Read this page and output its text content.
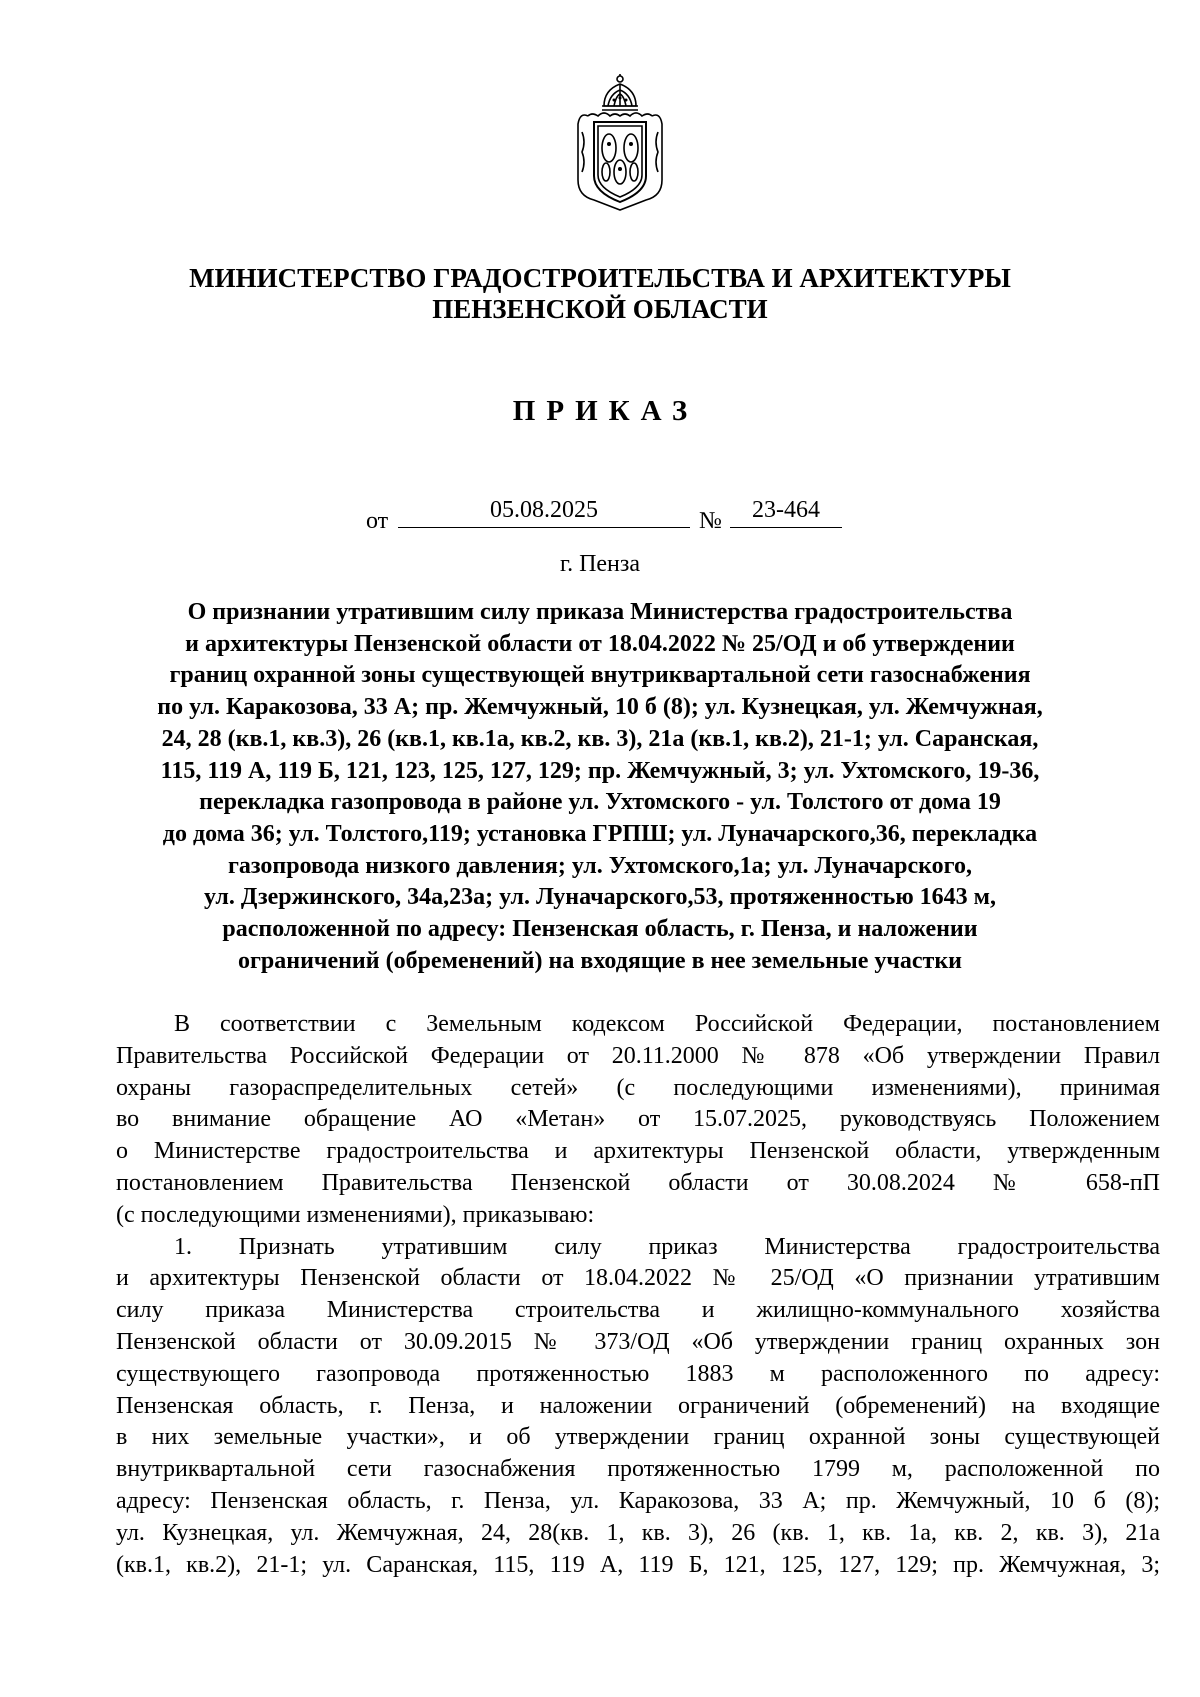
МИНИСТЕРСТВО ГРАДОСТРОИТЕЛЬСТВА И АРХИТЕКТУРЫ
ПЕНЗЕНСКОЙ ОБЛАСТИ
ПРИКАЗ
от	05.08.2025	№	23-464
г. Пенза
О признании утратившим силу приказа Министерства градостроительства
и архитектуры Пензенской области от 18.04.2022 № 25/ОД и об утверждении
границ охранной зоны существующей внутриквартальной сети газоснабжения
по ул. Каракозова, 33 А; пр. Жемчужный, 10 б (8); ул. Кузнецкая, ул. Жемчужная,
24, 28 (кв.1, кв.3), 26 (кв.1, кв.1а, кв.2, кв. 3), 21а (кв.1, кв.2), 21-1; ул. Саранская,
115, 119 А, 119 Б, 121, 123, 125, 127, 129; пр. Жемчужный, 3; ул. Ухтомского, 19-36,
перекладка газопровода в районе ул. Ухтомского - ул. Толстого от дома 19
до дома 36; ул. Толстого,119; установка ГРПШ; ул. Луначарского,36, перекладка
газопровода низкого давления; ул. Ухтомского,1а; ул. Луначарского,
ул. Дзержинского, 34а,23а; ул. Луначарского,53, протяженностью 1643 м,
расположенной по адресу: Пензенская область, г. Пенза, и наложении
ограничений (обременений) на входящие в нее земельные участки
В соответствии с Земельным кодексом Российской Федерации, постановлением
Правительства Российской Федерации от 20.11.2000 № 878 «Об утверждении Правил
охраны газораспределительных сетей» (с последующими изменениями), принимая
во внимание обращение АО «Метан» от 15.07.2025, руководствуясь Положением
о Министерстве градостроительства и архитектуры Пензенской области, утвержденным
постановлением Правительства Пензенской области от 30.08.2024 № 658-пП
(с последующими изменениями), приказываю:
1. Признать утратившим силу приказ Министерства градостроительства
и архитектуры Пензенской области от 18.04.2022 № 25/ОД «О признании утратившим
силу приказа Министерства строительства и жилищно-коммунального хозяйства
Пензенской области от 30.09.2015 № 373/ОД «Об утверждении границ охранных зон
существующего газопровода протяженностью 1883 м расположенного по адресу:
Пензенская область, г. Пенза, и наложении ограничений (обременений) на входящие
в них земельные участки», и об утверждении границ охранной зоны существующей
внутриквартальной сети газоснабжения протяженностью 1799 м, расположенной по
адресу: Пензенская область, г. Пенза, ул. Каракозова, 33 А; пр. Жемчужный, 10 б (8);
ул. Кузнецкая, ул. Жемчужная, 24, 28(кв. 1, кв. 3), 26 (кв. 1, кв. 1а, кв. 2, кв. 3), 21а
(кв.1, кв.2), 21-1; ул. Саранская, 115, 119 А, 119 Б, 121, 125, 127, 129; пр. Жемчужная, 3;
